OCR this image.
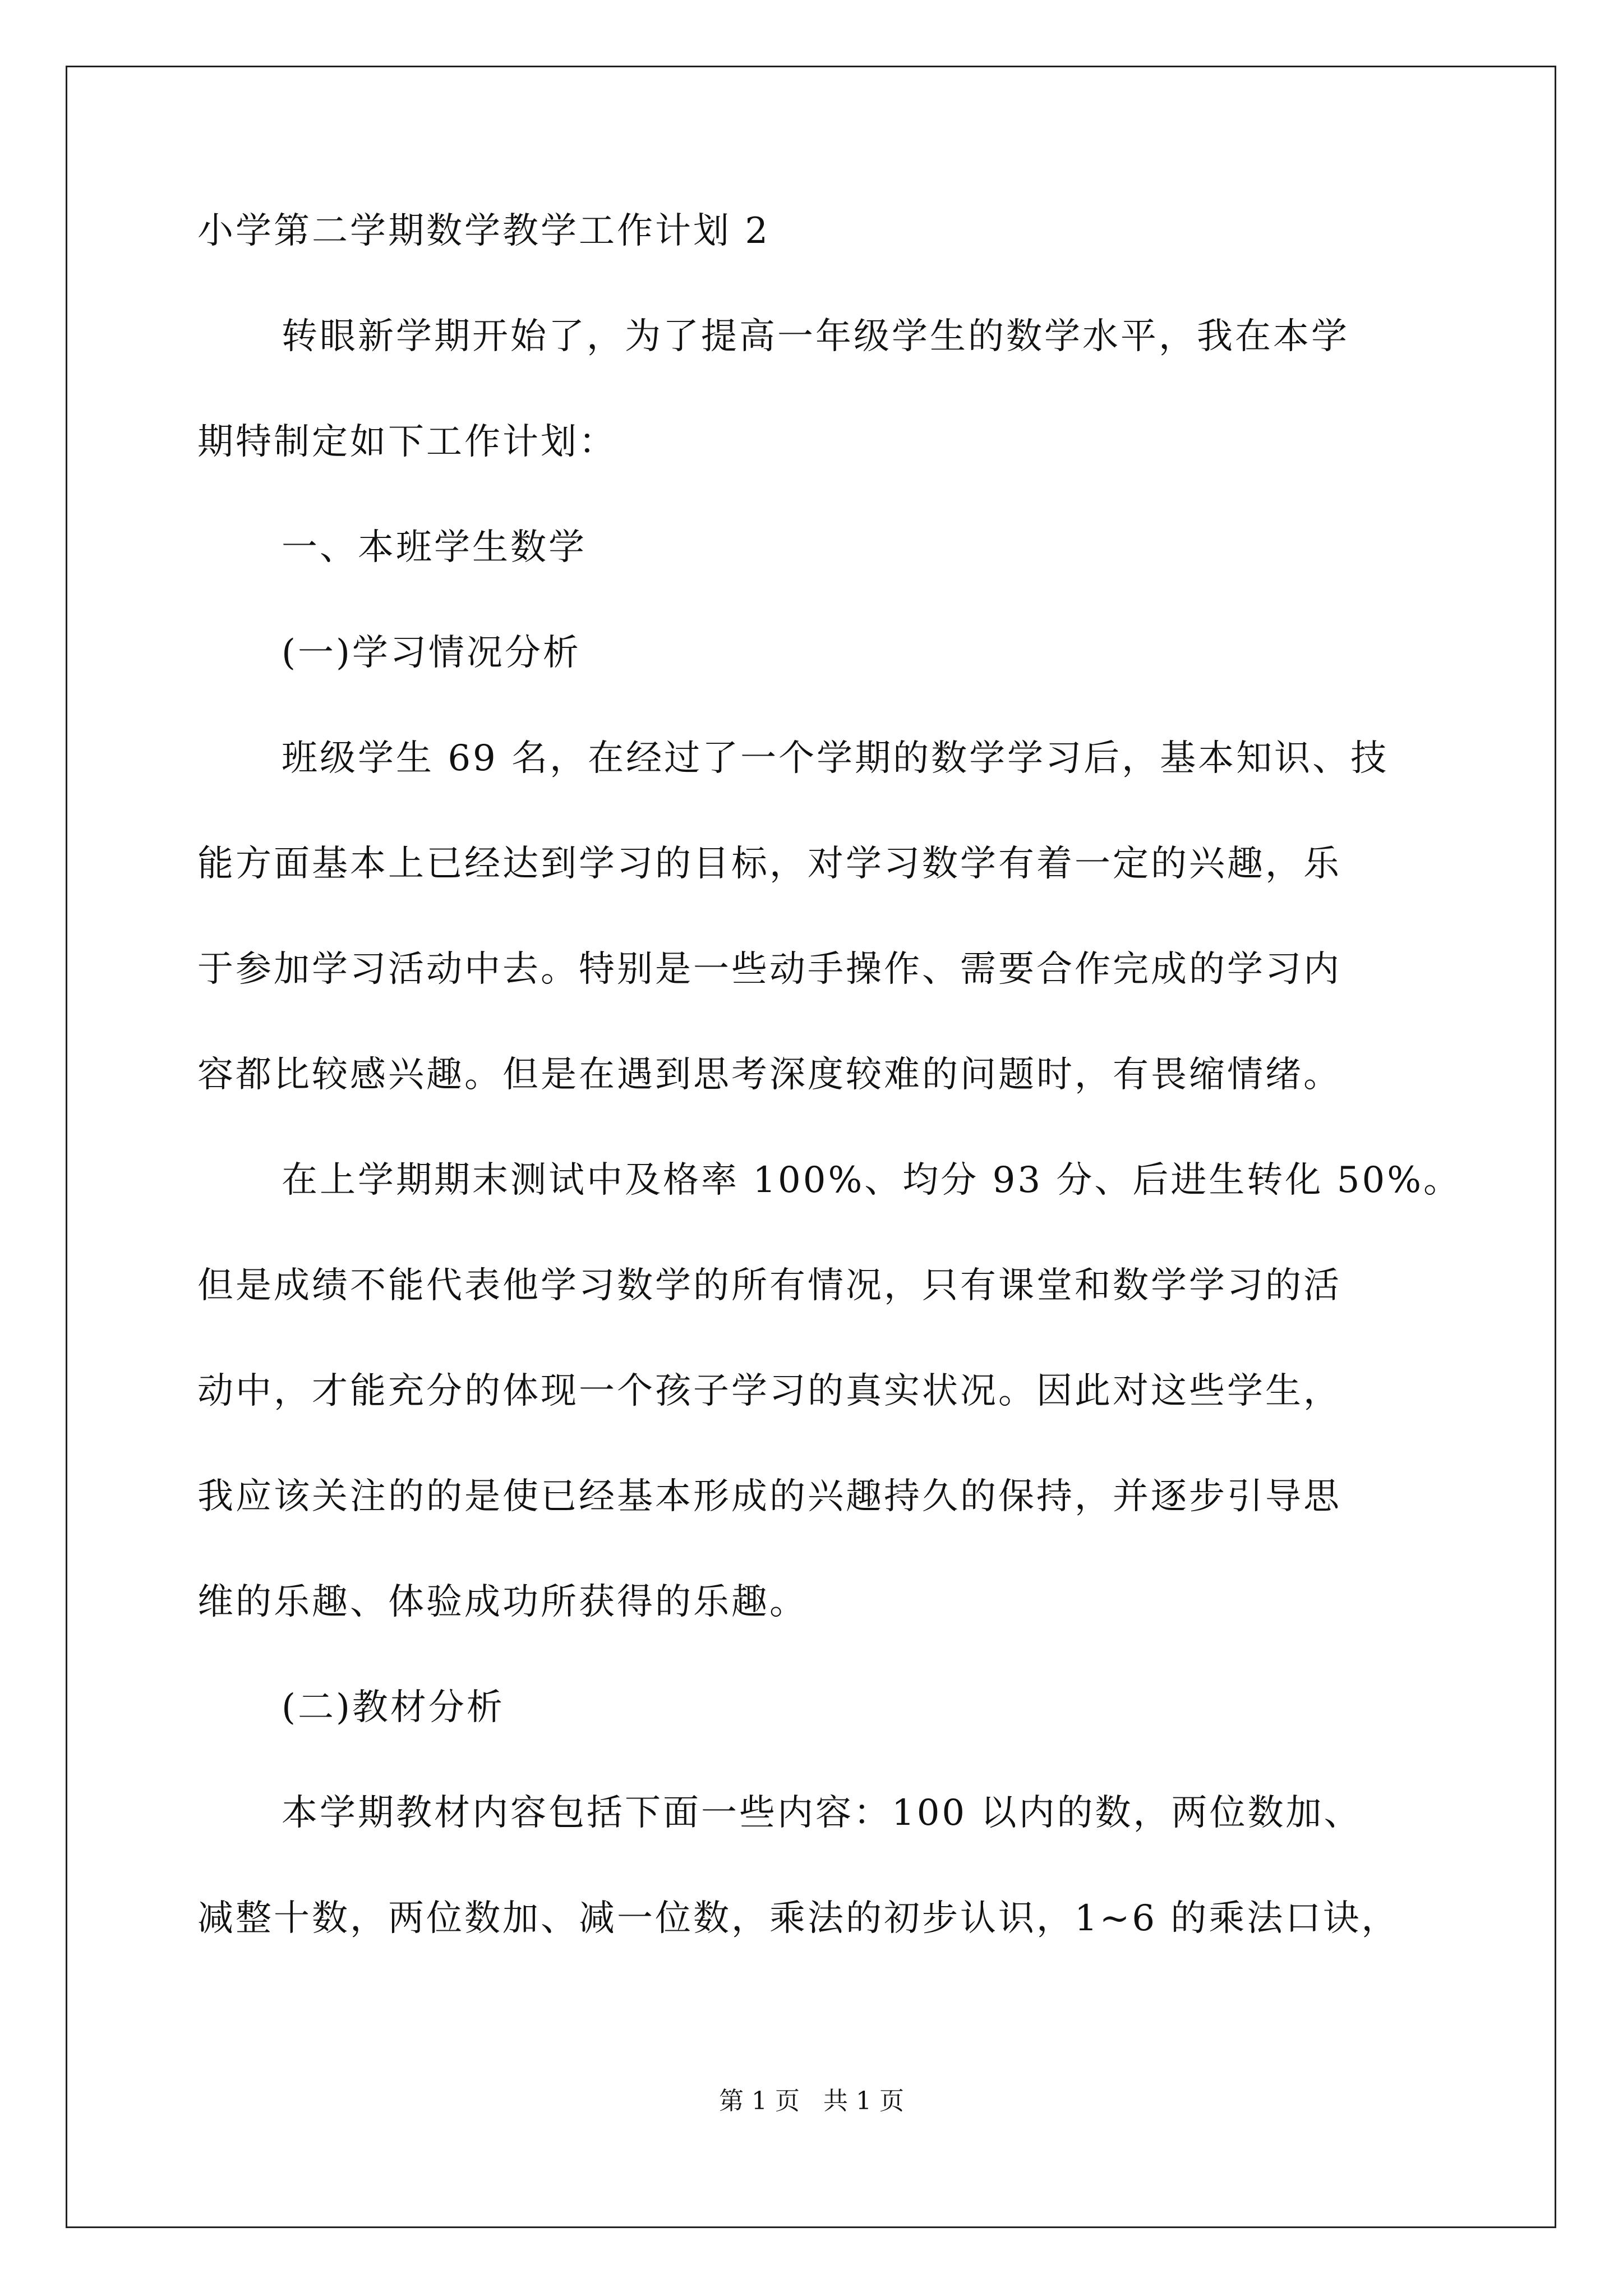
小学第二学期数学教学工作计划 2
转眼新学期开始了，为了提高一年级学生的数学水平，我在本学
期特制定如下工作计划：
一、本班学生数学
(一)学习情况分析
班级学生 69 名，在经过了一个学期的数学学习后，基本知识、技
能方面基本上已经达到学习的目标，对学习数学有着一定的兴趣，乐
于参加学习活动中去。特别是一些动手操作、需要合作完成的学习内
容都比较感兴趣。但是在遇到思考深度较难的问题时，有畏缩情绪。
在上学期期末测试中及格率 100%、均分 93 分、后进生转化 50%。
但是成绩不能代表他学习数学的所有情况，只有课堂和数学学习的活
动中，才能充分的体现一个孩子学习的真实状况。因此对这些学生，
我应该关注的的是使已经基本形成的兴趣持久的保持，并逐步引导思
维的乐趣、体验成功所获得的乐趣。
(二)教材分析
本学期教材内容包括下面一些内容：100 以内的数，两位数加、
减整十数，两位数加、减一位数，乘法的初步认识，1~6 的乘法口诀，
第 1 页   共 1 页
